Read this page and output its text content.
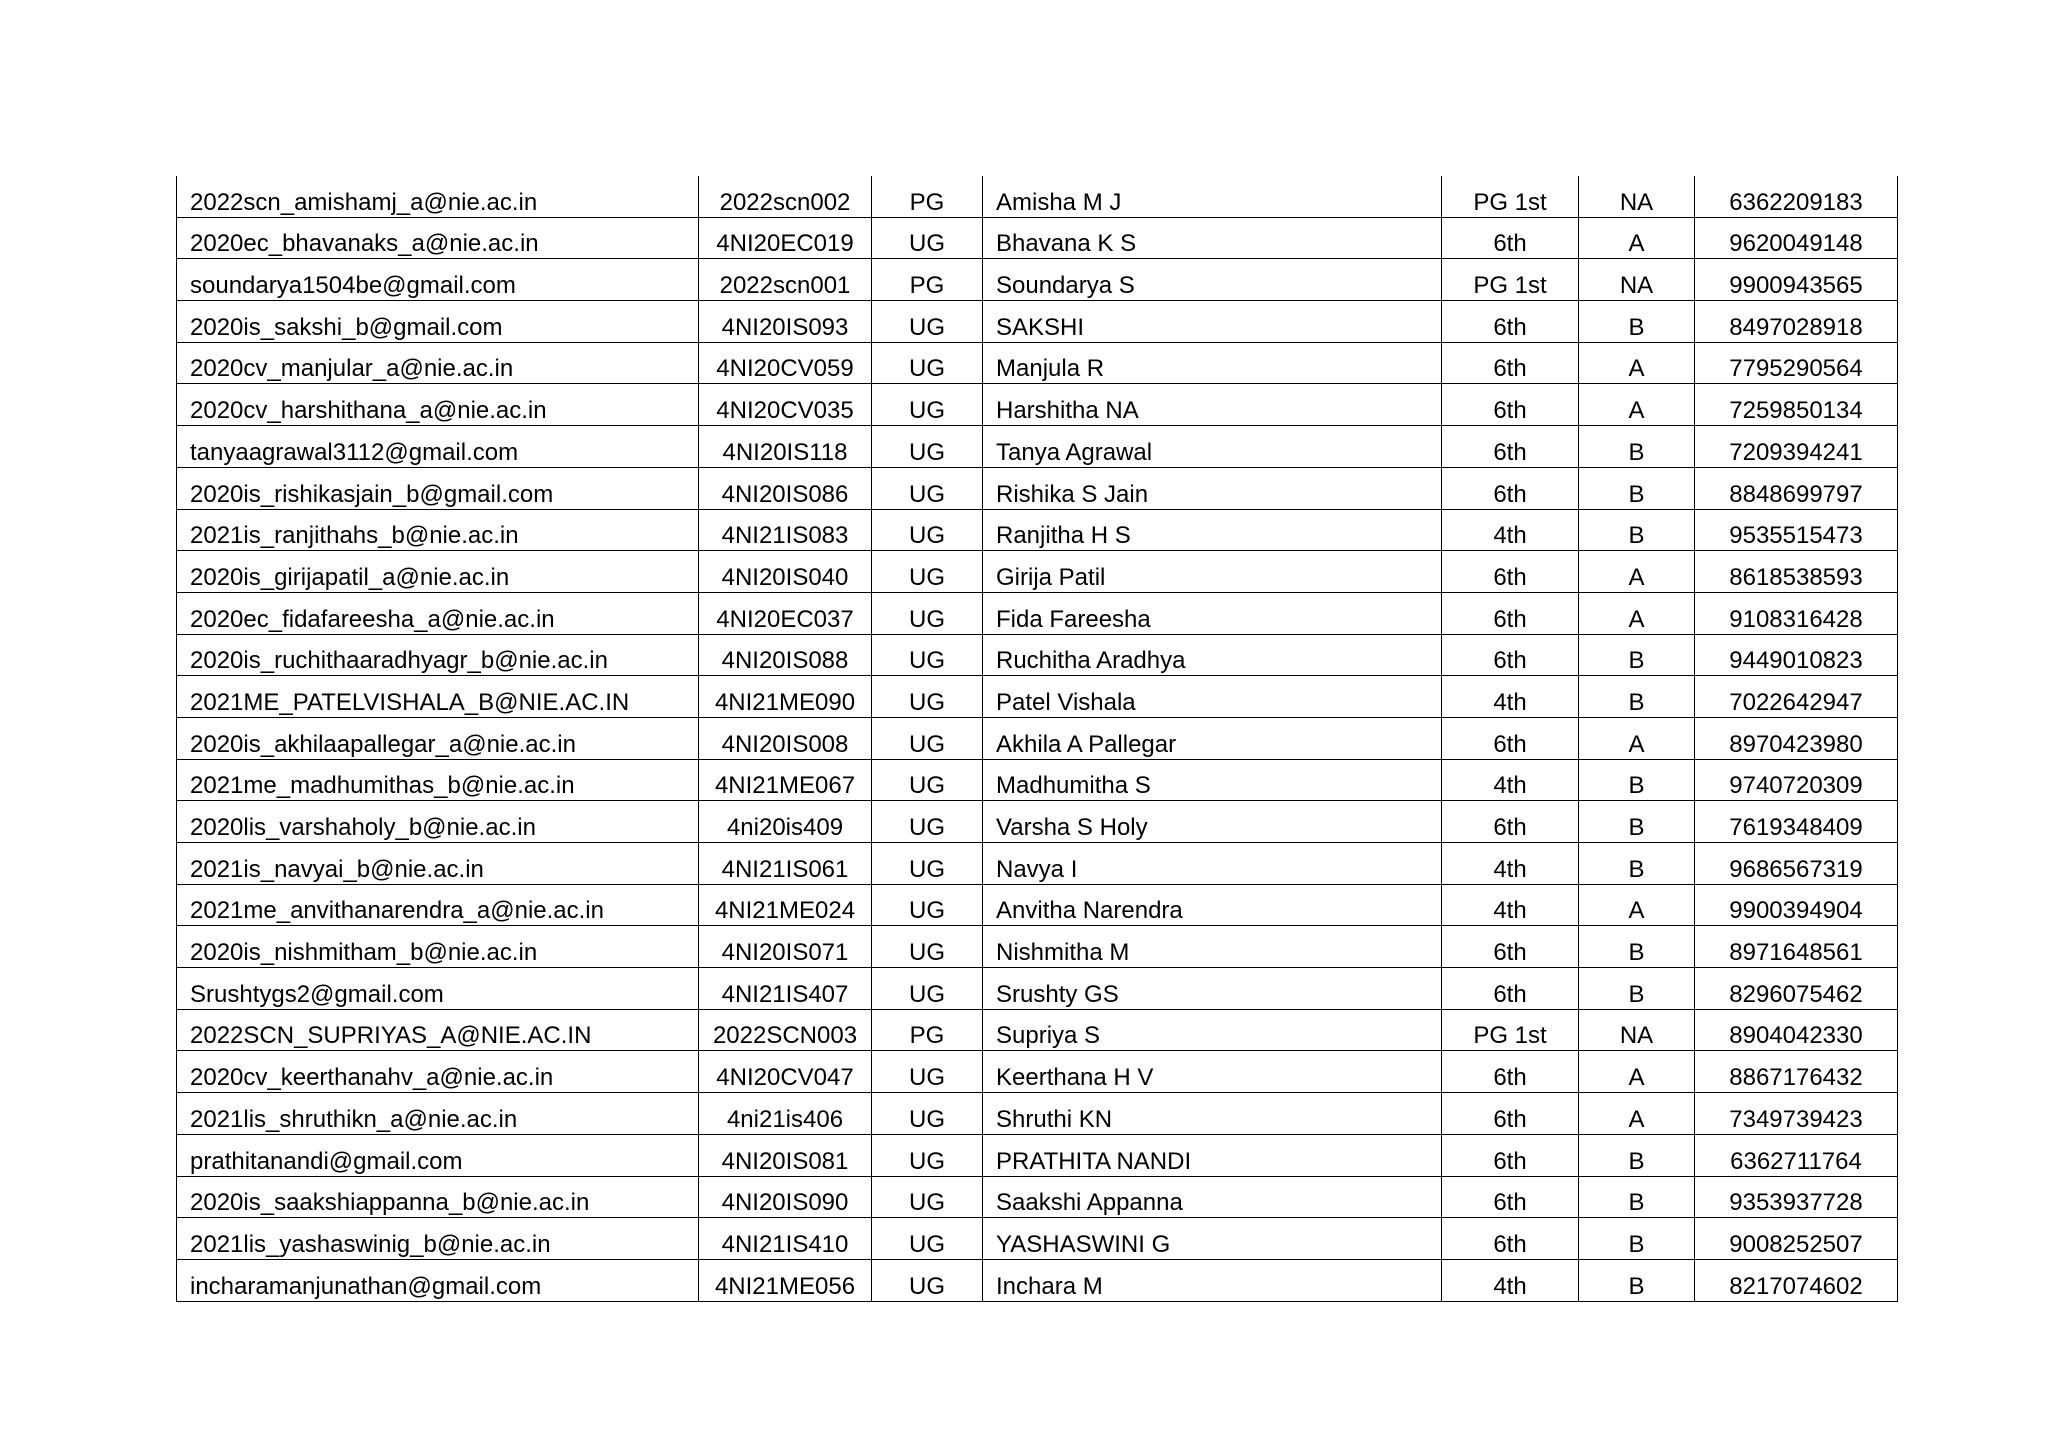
2022scn_amishamj_a@nie.ac.in	2022scn002	PG	Amisha M J	PG 1st	NA	6362209183
2020ec_bhavanaks_a@nie.ac.in	4NI20EC019	UG	Bhavana K S	6th	A	9620049148
soundarya1504be@gmail.com	2022scn001	PG	Soundarya S	PG 1st	NA	9900943565
2020is_sakshi_b@gmail.com	4NI20IS093	UG	SAKSHI	6th	B	8497028918
2020cv_manjular_a@nie.ac.in	4NI20CV059	UG	Manjula R	6th	A	7795290564
2020cv_harshithana_a@nie.ac.in	4NI20CV035	UG	Harshitha NA	6th	A	7259850134
tanyaagrawal3112@gmail.com	4NI20IS118	UG	Tanya Agrawal	6th	B	7209394241
2020is_rishikasjain_b@gmail.com	4NI20IS086	UG	Rishika S Jain	6th	B	8848699797
2021is_ranjithahs_b@nie.ac.in	4NI21IS083	UG	Ranjitha H S	4th	B	9535515473
2020is_girijapatil_a@nie.ac.in	4NI20IS040	UG	Girija Patil	6th	A	8618538593
2020ec_fidafareesha_a@nie.ac.in	4NI20EC037	UG	Fida Fareesha	6th	A	9108316428
2020is_ruchithaaradhyagr_b@nie.ac.in	4NI20IS088	UG	Ruchitha Aradhya	6th	B	9449010823
2021ME_PATELVISHALA_B@NIE.AC.IN	4NI21ME090	UG	Patel Vishala	4th	B	7022642947
2020is_akhilaapallegar_a@nie.ac.in	4NI20IS008	UG	Akhila A Pallegar	6th	A	8970423980
2021me_madhumithas_b@nie.ac.in	4NI21ME067	UG	Madhumitha S	4th	B	9740720309
2020lis_varshaholy_b@nie.ac.in	4ni20is409	UG	Varsha S Holy	6th	B	7619348409
2021is_navyai_b@nie.ac.in	4NI21IS061	UG	Navya I	4th	B	9686567319
2021me_anvithanarendra_a@nie.ac.in	4NI21ME024	UG	Anvitha Narendra	4th	A	9900394904
2020is_nishmitham_b@nie.ac.in	4NI20IS071	UG	Nishmitha M	6th	B	8971648561
Srushtygs2@gmail.com	4NI21IS407	UG	Srushty GS	6th	B	8296075462
2022SCN_SUPRIYAS_A@NIE.AC.IN	2022SCN003	PG	Supriya S	PG 1st	NA	8904042330
2020cv_keerthanahv_a@nie.ac.in	4NI20CV047	UG	Keerthana H V	6th	A	8867176432
2021lis_shruthikn_a@nie.ac.in	4ni21is406	UG	Shruthi KN	6th	A	7349739423
prathitanandi@gmail.com	4NI20IS081	UG	PRATHITA NANDI	6th	B	6362711764
2020is_saakshiappanna_b@nie.ac.in	4NI20IS090	UG	Saakshi Appanna	6th	B	9353937728
2021lis_yashaswinig_b@nie.ac.in	4NI21IS410	UG	YASHASWINI G	6th	B	9008252507
incharamanjunathan@gmail.com	4NI21ME056	UG	Inchara M	4th	B	8217074602
